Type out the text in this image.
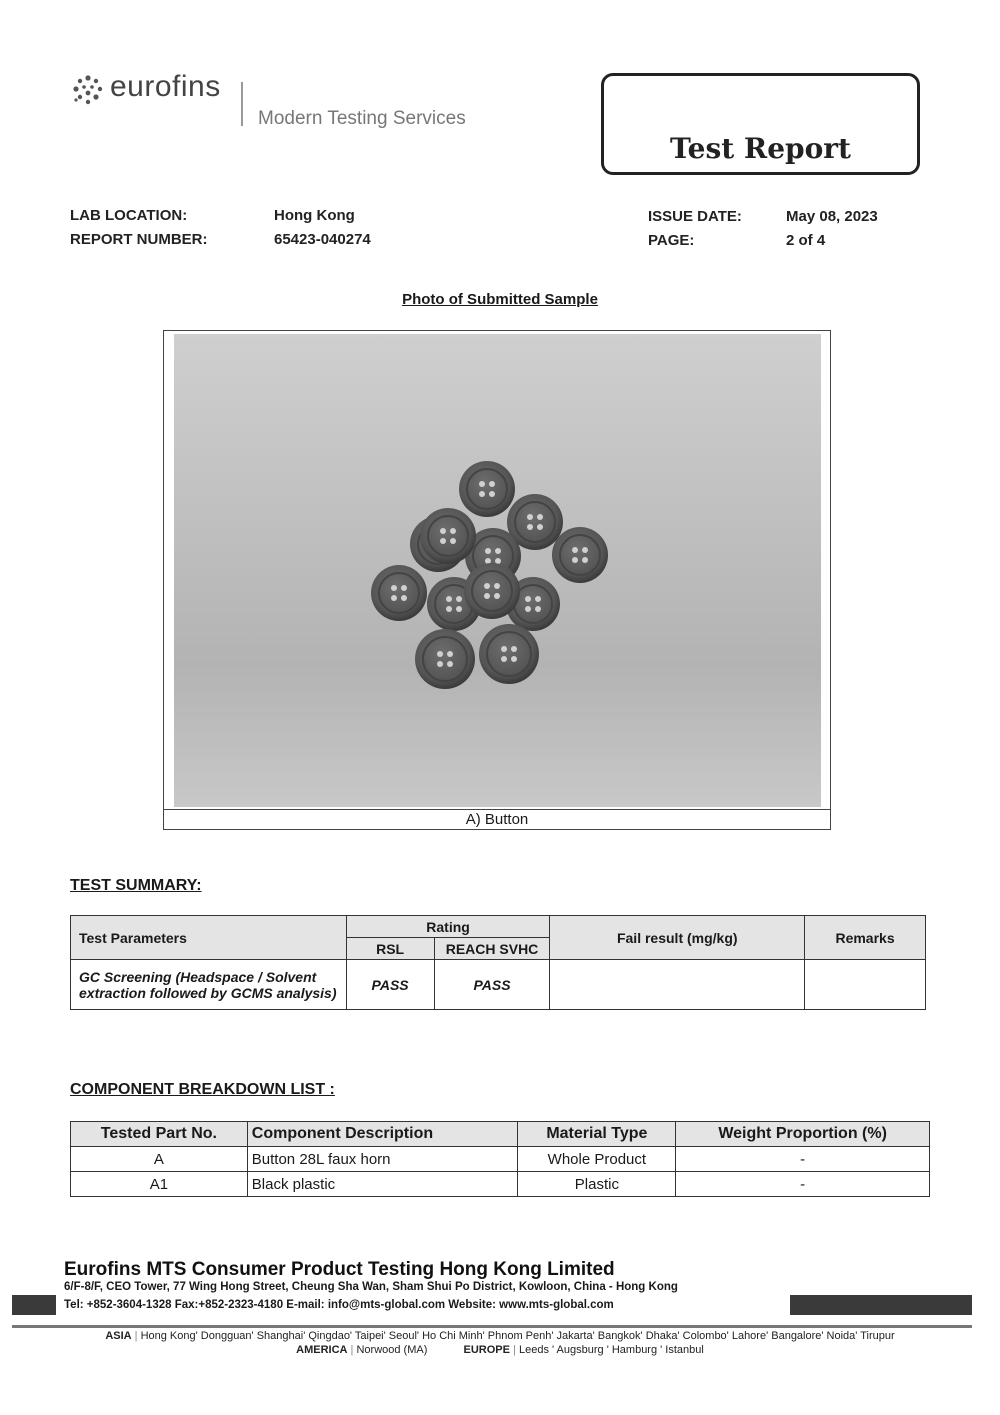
eurofins
Modern Testing Services
Test Report
LAB LOCATION:	Hong Kong
REPORT NUMBER:	65423-040274
ISSUE DATE:	May 08, 2023
PAGE:	2 of 4
Photo of Submitted Sample
A) Button
TEST SUMMARY:
Test Parameters	Rating		Fail result (mg/kg)	Remarks
	RSL	REACH SVHC		
GC Screening (Headspace / Solvent extraction followed by GCMS analysis)	PASS	PASS		
COMPONENT BREAKDOWN LIST :
Tested Part No.	Component Description	Material Type	Weight Proportion (%)
A	Button 28L faux horn	Whole Product	-
A1	Black plastic	Plastic	-
Eurofins MTS Consumer Product Testing Hong Kong Limited
6/F-8/F, CEO Tower, 77 Wing Hong Street, Cheung Sha Wan, Sham Shui Po District, Kowloon, China - Hong Kong
Tel: +852-3604-1328 Fax:+852-2323-4180 E-mail: info@mts-global.com Website: www.mts-global.com
ASIA | Hong Kong' Dongguan' Shanghai' Qingdao' Taipei' Seoul' Ho Chi Minh' Phnom Penh' Jakarta' Bangkok' Dhaka' Colombo' Lahore' Bangalore' Noida' Tirupur
AMERICA | Norwood (MA)	EUROPE | Leeds ' Augsburg ' Hamburg ' Istanbul
